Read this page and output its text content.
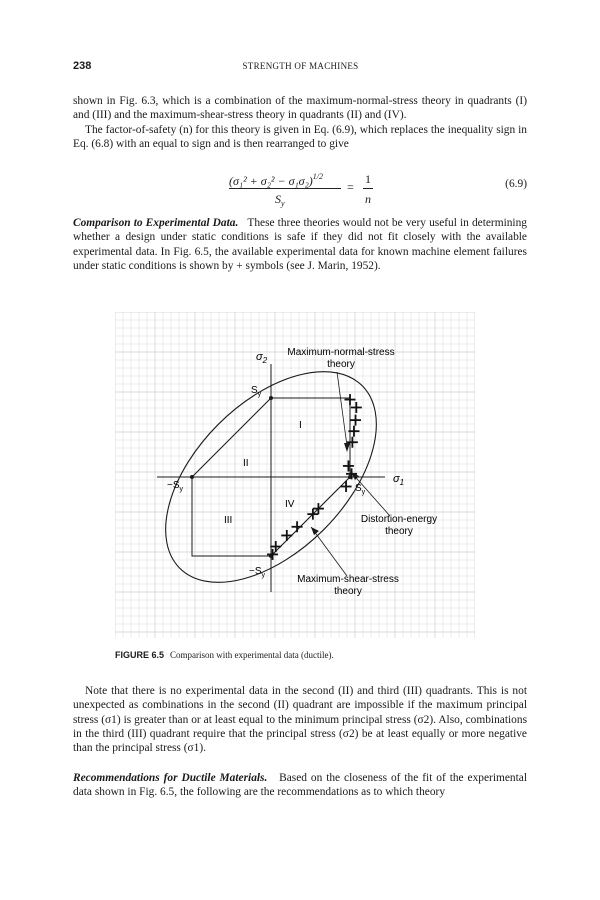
238	STRENGTH OF MACHINES

shown in Fig. 6.3, which is a combination of the maximum-normal-stress theory in quadrants (I) and (III) and the maximum-shear-stress theory in quadrants (II) and (IV).

The factor-of-safety (n) for this theory is given in Eq. (6.9), which replaces the inequality sign in Eq. (6.8) with an equal to sign and is then rearranged to give

$(\sigma_1^2 + \sigma_2^2 - \sigma_1\sigma_2)^{1/2}$
$S_y$
=
1
n
(6.9)

Comparison to Experimental Data. These three theories would not be very useful in determining whether a design under static conditions is safe if they did not fit closely with the available experimental data. In Fig. 6.5, the available experimental data for known machine element failures under static conditions is shown by + symbols (see J. Marin, 1952).

$\sigma_2$
$\sigma_1$
$S_y$
$-S_y$	$S_y$
$-S_y$
I
II
III
IV
Maximum-normal-stress
theory
Distortion-energy
theory
Maximum-shear-stress
theory
FIGURE 6.5 Comparison with experimental data (ductile).

Note that there is no experimental data in the second (II) and third (III) quadrants. This is not unexpected as combinations in the second (II) quadrant are impossible if the maximum principal stress (σ1) is greater than or at least equal to the minimum principal stress (σ2). Also, combinations in the third (III) quadrant require that the principal stress (σ2) be at least equally or more negative than the principal stress (σ1).

Recommendations for Ductile Materials. Based on the closeness of the fit of the experimental data shown in Fig. 6.5, the following are the recommendations as to which theory
